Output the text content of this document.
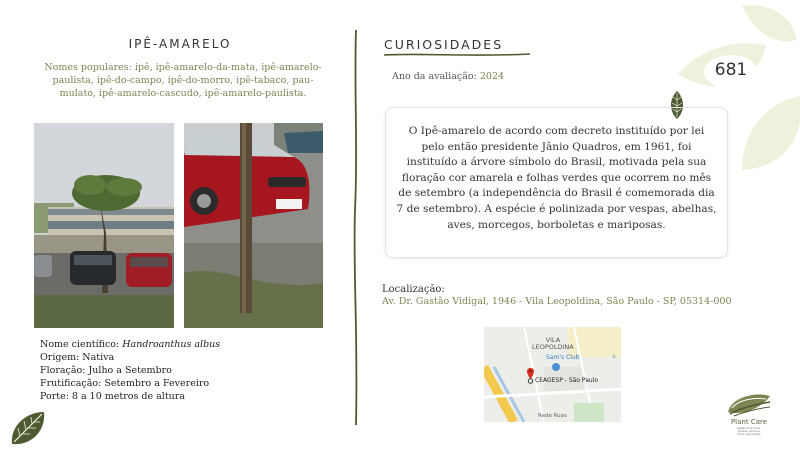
681
IPÊ-AMARELO
Nomes populares: ipê, ipê-amarelo-da-mata, ipê-amarelo-paulista, ipê-do-campo, ipê-do-morro, ipê-tabaco, pau-mulato, ipê-amarelo-cascudo, ipê-amarelo-paulista.
Nome científico: Handroanthus albus
Origem: Nativa
Floração: Julho a Setembro
Frutificação: Setembro a Fevereiro
Porte: 8 a 10 metros de altura
CURIOSIDADES
Ano da avaliação: 2024
O Ipê-amarelo de acordo com decreto instituído por lei pelo então presidente Jânio Quadros, em 1961, foi instituído a árvore símbolo do Brasil, motivada pela sua floração cor amarela e folhas verdes que ocorrem no mês de setembro (a independência do Brasil é comemorada dia 7 de setembro). A espécie é polinizada por vespas, abelhas, aves, morcegos, borboletas e mariposas.
Localização:
Av. Dr. Gastão Vidigal, 1946 - Vila Leopoldina, São Paulo - SP, 05314-000
VILA
LEOPOLDINA
Sam's Club
CEAGESP - São Paulo
Rede Ruas
a
Plant Care
gestão de árvores,
plantas, jardins e
áreas degradadas
